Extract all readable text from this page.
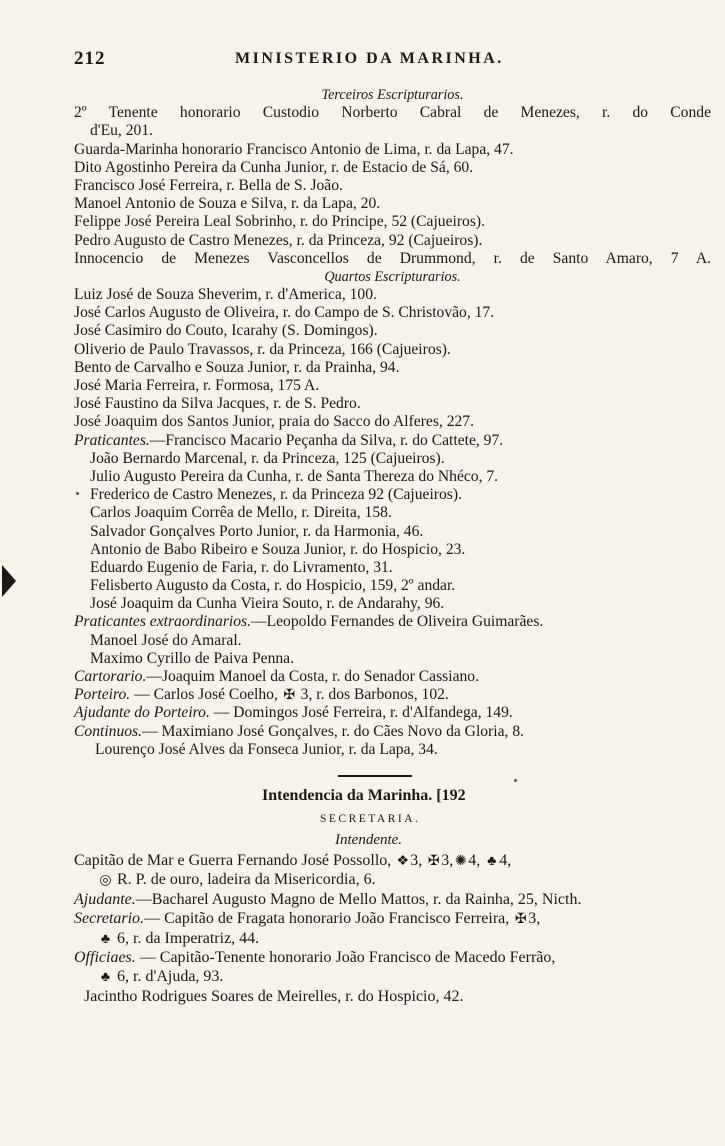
212	MINISTERIO DA MARINHA.
Terceiros Escripturarios.
2º Tenente honorario Custodio Norberto Cabral de Menezes, r. do Conde
d'Eu, 201.
Guarda-Marinha honorario Francisco Antonio de Lima, r. da Lapa, 47.
Dito Agostinho Pereira da Cunha Junior, r. de Estacio de Sá, 60.
Francisco José Ferreira, r. Bella de S. João.
Manoel Antonio de Souza e Silva, r. da Lapa, 20.
Felippe José Pereira Leal Sobrinho, r. do Principe, 52 (Cajueiros).
Pedro Augusto de Castro Menezes, r. da Princeza, 92 (Cajueiros).
Innocencio de Menezes Vasconcellos de Drummond, r. de Santo Amaro, 7 A.
Quartos Escripturarios.
Luiz José de Souza Sheverim, r. d'America, 100.
José Carlos Augusto de Oliveira, r. do Campo de S. Christovão, 17.
José Casimiro do Couto, Icarahy (S. Domingos).
Oliverio de Paulo Travassos, r. da Princeza, 166 (Cajueiros).
Bento de Carvalho e Souza Junior, r. da Prainha, 94.
José Maria Ferreira, r. Formosa, 175 A.
José Faustino da Silva Jacques, r. de S. Pedro.
José Joaquim dos Santos Junior, praia do Sacco do Alferes, 227.
Praticantes.—Francisco Macario Peçanha da Silva, r. do Cattete, 97.
João Bernardo Marcenal, r. da Princeza, 125 (Cajueiros).
Julio Augusto Pereira da Cunha, r. de Santa Thereza do Nhéco, 7.
Frederico de Castro Menezes, r. da Princeza 92 (Cajueiros).
Carlos Joaquim Corrêa de Mello, r. Direita, 158.
Salvador Gonçalves Porto Junior, r. da Harmonia, 46.
Antonio de Babo Ribeiro e Souza Junior, r. do Hospicio, 23.
Eduardo Eugenio de Faria, r. do Livramento, 31.
Felisberto Augusto da Costa, r. do Hospicio, 159, 2º andar.
José Joaquim da Cunha Vieira Souto, r. de Andarahy, 96.
Praticantes extraordinarios.—Leopoldo Fernandes de Oliveira Guimarães.
Manoel José do Amaral.
Maximo Cyrillo de Paiva Penna.
Cartorario.—Joaquim Manoel da Costa, r. do Senador Cassiano.
Porteiro. — Carlos José Coelho, ✠ 3, r. dos Barbonos, 102.
Ajudante do Porteiro. — Domingos José Ferreira, r. d'Alfandega, 149.
Continuos.— Maximiano José Gonçalves, r. do Cães Novo da Gloria, 8.
Lourenço José Alves da Fonseca Junior, r. da Lapa, 34.
Intendencia da Marinha. [192
SECRETARIA.
Intendente.
Capitão de Mar e Guerra Fernando José Possollo, ❖3, ✠ 3, ✺ 4, ♣ 4,
◎ R. P. de ouro, ladeira da Misericordia, 6.
Ajudante.—Bacharel Augusto Magno de Mello Mattos, r. da Rainha, 25, Nicth.
Secretario.— Capitão de Fragata honorario João Francisco Ferreira, ✠ 3,
♣ 6, r. da Imperatriz, 44.
Officiaes. — Capitão-Tenente honorario João Francisco de Macedo Ferrão,
♣ 6, r. d'Ajuda, 93.
Jacintho Rodrigues Soares de Meirelles, r. do Hospicio, 42.
